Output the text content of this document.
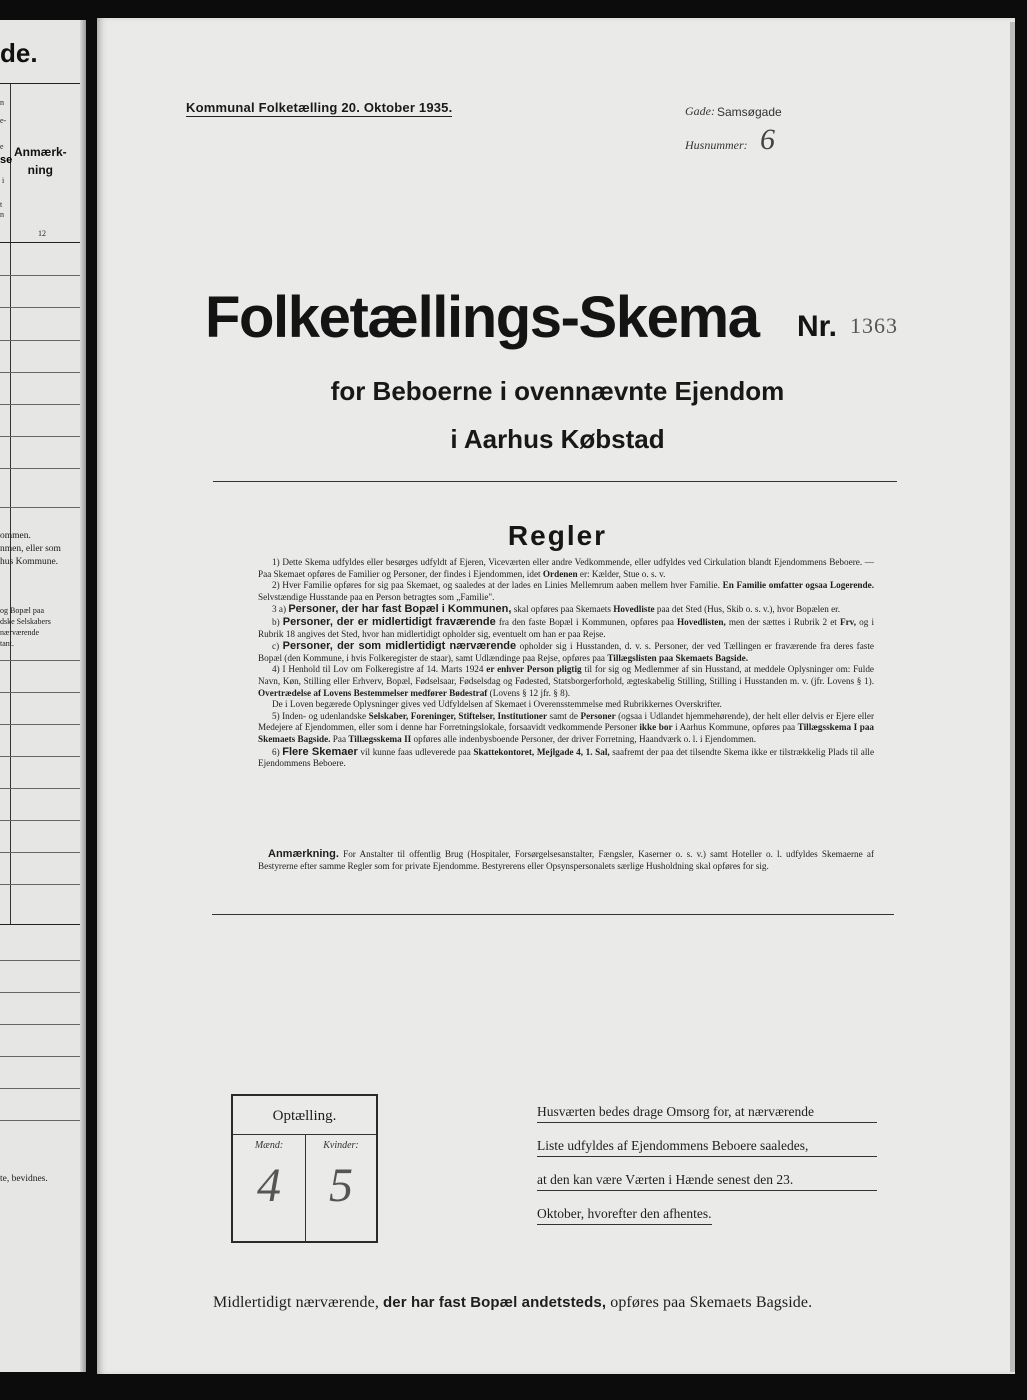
de.
n
e-
e
se
i
t
n
Anmærk-
ning
12
ommen.
nmen, eller som
hus Kommune.
og Bopæl paa
dske Selskabers
nærværende
tant.
te, bevidnes.
Kommunal Folketælling 20. Oktober 1935.	Gade: Samsøgade
Husnummer: 6
Folketællings-Skema Nr. 1363
for Beboerne i ovennævnte Ejendom
i Aarhus Købstad
Regler

1) Dette Skema udfyldes eller besørges udfyldt af Ejeren, Viceværten eller andre Vedkommende, eller udfyldes ved Cirkulation blandt Ejendommens Beboere. — Paa Skemaet opføres de Familier og Personer, der findes i Ejendommen, idet Ordenen er: Kælder, Stue o. s. v.

2) Hver Familie opføres for sig paa Skemaet, og saaledes at der lades en Linies Mellemrum aaben mellem hver Familie. En Familie omfatter ogsaa Logerende. Selvstændige Husstande paa en Person betragtes som „Familie".

3 a) Personer, der har fast Bopæl i Kommunen, skal opføres paa Skemaets Hovedliste paa det Sted (Hus, Skib o. s. v.), hvor Bopælen er.

b) Personer, der er midlertidigt fraværende fra den faste Bopæl i Kommunen, opføres paa Hovedlisten, men der sættes i Rubrik 2 et Frv, og i Rubrik 18 angives det Sted, hvor han midlertidigt opholder sig, eventuelt om han er paa Rejse.

c) Personer, der som midlertidigt nærværende opholder sig i Husstanden, d. v. s. Personer, der ved Tællingen er fraværende fra deres faste Bopæl (den Kommune, i hvis Folkeregister de staar), samt Udlændinge paa Rejse, opføres paa Tillægslisten paa Skemaets Bagside.

4) I Henhold til Lov om Folkeregistre af 14. Marts 1924 er enhver Person pligtig til for sig og Medlemmer af sin Husstand, at meddele Oplysninger om: Fulde Navn, Køn, Stilling eller Erhverv, Bopæl, Fødselsaar, Fødselsdag og Fødested, Statsborgerforhold, ægteskabelig Stilling, Stilling i Husstanden m. v. (jfr. Lovens § 1). Overtrædelse af Lovens Bestemmelser medfører Bødestraf (Lovens § 12 jfr. § 8).

De i Loven begærede Oplysninger gives ved Udfyldelsen af Skemaet i Overensstemmelse med Rubrikkernes Overskrifter.

5) Inden- og udenlandske Selskaber, Foreninger, Stiftelser, Institutioner samt de Personer (ogsaa i Udlandet hjemmehørende), der helt eller delvis er Ejere eller Medejere af Ejendommen, eller som i denne har Forretningslokale, forsaavidt vedkommende Personer ikke bor i Aarhus Kommune, opføres paa Tillægsskema I paa Skemaets Bagside. Paa Tillægsskema II opføres alle indenbysboende Personer, der driver Forretning, Haandværk o. l. i Ejendommen.

6) Flere Skemaer vil kunne faas udleverede paa Skattekontoret, Mejlgade 4, 1. Sal, saafremt der paa det tilsendte Skema ikke er tilstrækkelig Plads til alle Ejendommens Beboere.

Anmærkning. For Anstalter til offentlig Brug (Hospitaler, Forsørgelsesanstalter, Fængsler, Kaserner o. s. v.) samt Hoteller o. l. udfyldes Skemaerne af Bestyrerne efter samme Regler som for private Ejendomme. Bestyrerens eller Opsynspersonalets særlige Husholdning skal opføres for sig.
Optælling.
Mænd:	Kvinder:
4	5
Husværten bedes drage Omsorg for, at nærværende
Liste udfyldes af Ejendommens Beboere saaledes,
at den kan være Værten i Hænde senest den 23.
Oktober, hvorefter den afhentes.
Midlertidigt nærværende, der har fast Bopæl andetsteds, opføres paa Skemaets Bagside.
